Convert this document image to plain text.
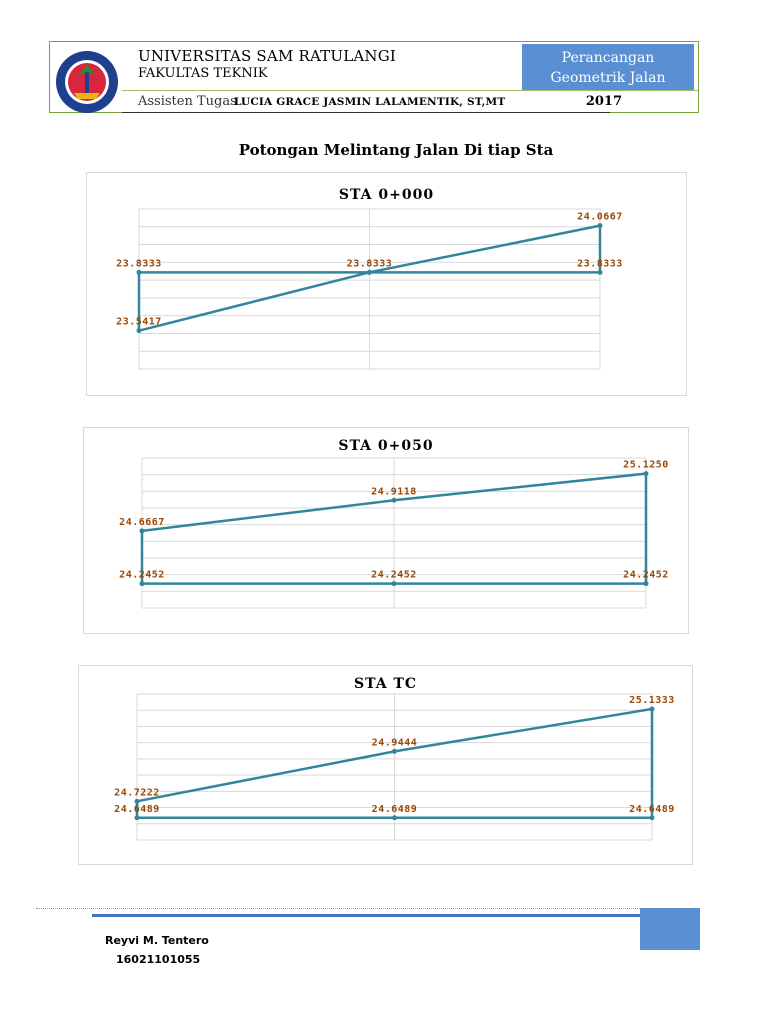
UNIVERSITAS SAM RATULANGI
FAKULTAS TEKNIK
Perancangan
Geometrik Jalan
Assisten Tugas :
LUCIA GRACE JASMIN LALAMENTIK, ST,MT	2017
Potongan Melintang Jalan Di tiap Sta
STA 0+000
23.8333
23.5417
23.8333
24.0667
23.8333
STA 0+050
24.6667
24.2452
24.9118
24.2452
25.1250
24.2452
STA TC
24.7222
24.6489
24.9444
24.6489
25.1333
24.6489
Reyvi M. Tentero
16021101055
